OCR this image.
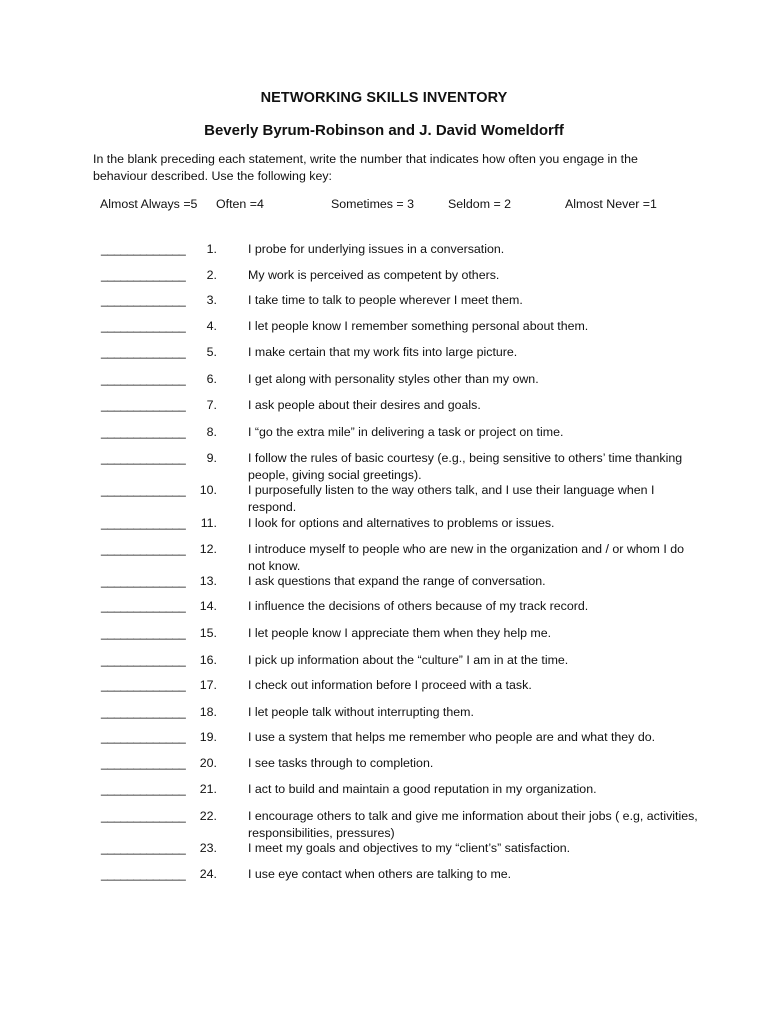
NETWORKING SKILLS INVENTORY
Beverly Byrum-Robinson and J. David Womeldorff
In the blank preceding each statement, write the number that indicates how often you engage in the behaviour described. Use the following key:
Almost Always =5 Often =4	Sometimes = 3	Seldom = 2	Almost Never =1
_____________	1.	I probe for underlying issues in a conversation.
_____________	2.	My work is perceived as competent by others.
_____________	3.	I take time to talk to people wherever I meet them.
_____________	4.	I let people know I remember something personal about them.
_____________	5.	I make certain that my work fits into large picture.
_____________	6.	I get along with personality styles other than my own.
_____________	7.	I ask people about their desires and goals.
_____________	8.	I “go the extra mile” in delivering a task or project on time.
_____________	9.	I follow the rules of basic courtesy (e.g., being sensitive to others’ time thanking people, giving social greetings).
_____________	10.	I purposefully listen to the way others talk, and I use their language when I respond.
_____________	11.	I look for options and alternatives to problems or issues.
_____________	12.	I introduce myself to people who are new in the organization and / or whom I do not know.
_____________	13.	I ask questions that expand the range of conversation.
_____________	14.	I influence the decisions of others because of my track record.
_____________	15.	I let people know I appreciate them when they help me.
_____________	16.	I pick up information about the “culture” I am in at the time.
_____________	17.	I check out information before I proceed with a task.
_____________	18.	I let people talk without interrupting them.
_____________	19.	I use a system that helps me remember who people are and what they do.
_____________	20.	I see tasks through to completion.
_____________	21.	I act to build and maintain a good reputation in my organization.
_____________	22.	I encourage others to talk and give me information about their jobs ( e.g, activities, responsibilities, pressures)
_____________	23.	I meet my goals and objectives to my “client’s” satisfaction.
_____________	24.	I use eye contact when others are talking to me.
